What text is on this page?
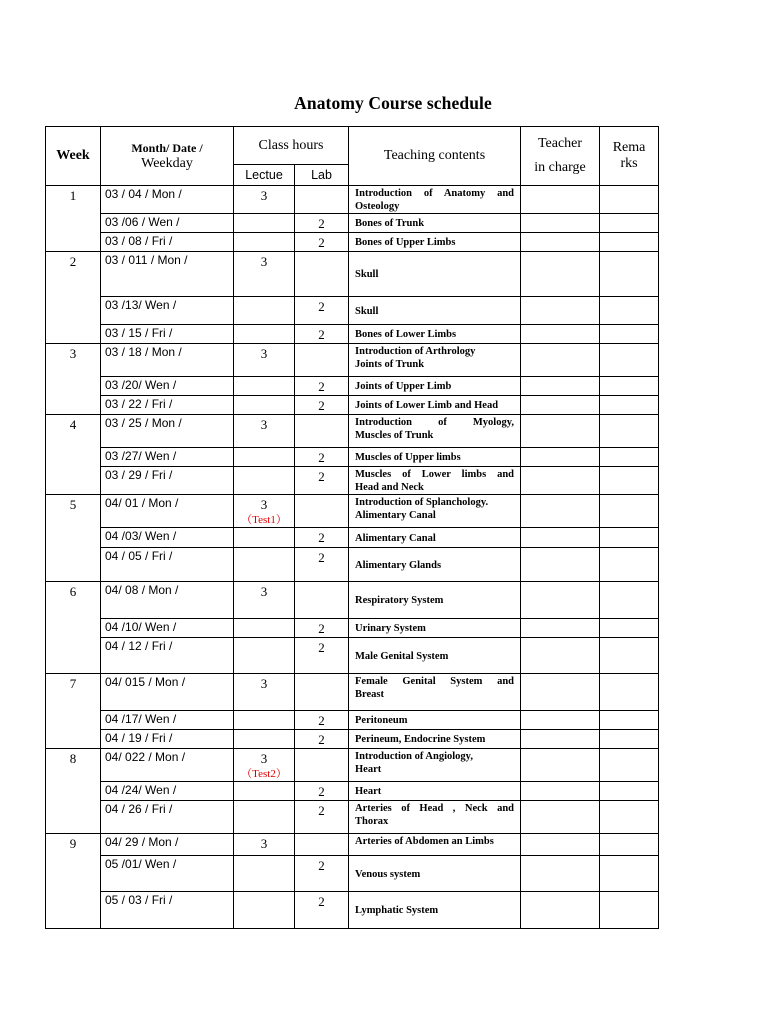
Anatomy Course schedule
Week	Month/ Date /
Weekday	Class hours		Teaching contents	Teacher
in charge	Rema
rks

		Lectue	Lab			
1	03 / 04 / Mon /	3		Introduction of Anatomy and
Osteology		

	03 /06 / Wen /		2	Bones of Trunk		

	03 / 08 / Fri /		2	Bones of Upper Limbs		

2	03 / 011 / Mon /	3		Skull		

	03 /13/ Wen /		2	Skull		

	03 / 15 / Fri /		2	Bones of Lower Limbs		

3	03 / 18 / Mon /	3		Introduction of Arthrology
Joints of Trunk		

	03 /20/ Wen /		2	Joints of Upper Limb		

	03 / 22 / Fri /		2	Joints of Lower Limb and Head		

4	03 / 25 / Mon /	3		Introduction of Myology,
Muscles of Trunk		

	03 /27/ Wen /		2	Muscles of Upper limbs		

	03 / 29 / Fri /		2	Muscles of Lower limbs and
Head and Neck		

5	04/ 01 / Mon /	3
（Test1）		Introduction of Splanchology.
Alimentary Canal		

	04 /03/ Wen /		2	Alimentary Canal		

	04 / 05 / Fri /		2	Alimentary Glands		

6	04/ 08 / Mon /	3		Respiratory System		

	04 /10/ Wen /		2	Urinary System		

	04 / 12 / Fri /		2	Male Genital System		

7	04/ 015 / Mon /	3		Female Genital System and
Breast		

	04 /17/ Wen /		2	Peritoneum		

	04 / 19 / Fri /		2	Perineum, Endocrine System		

8	04/ 022 / Mon /	3
（Test2）		Introduction of Angiology,
Heart		

	04 /24/ Wen /		2	Heart		

	04 / 26 / Fri /		2	Arteries of Head , Neck and
Thorax		

9	04/ 29 / Mon /	3		Arteries of Abdomen an Limbs		

	05 /01/ Wen /		2	Venous system		

	05 / 03 / Fri /		2	Lymphatic System		
